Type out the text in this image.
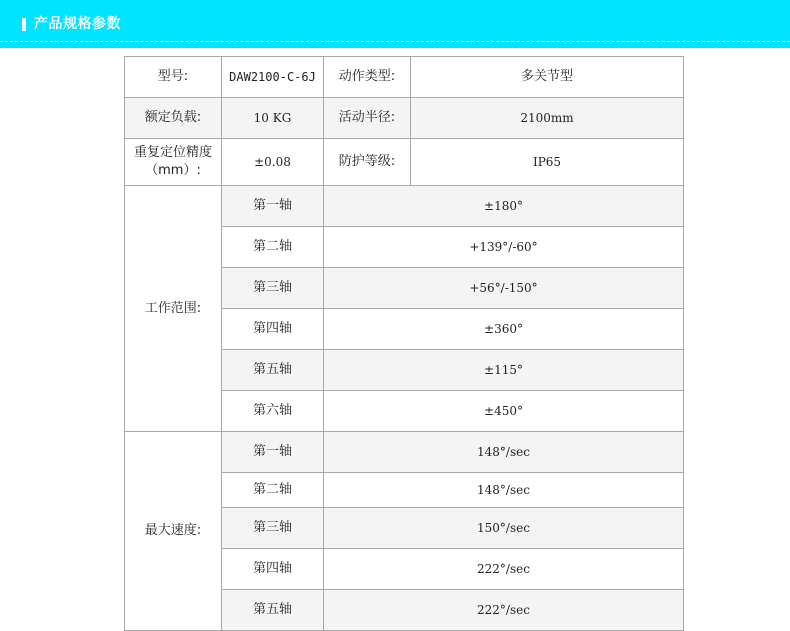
产品规格参数
型号:	DAW2100-C-6J	动作类型:	多关节型
额定负载:	10 KG	活动半径:	2100mm

重复定位精度
（mm）:	±0.08	防护等级:	IP65
工作范围:	第一轴	±180°	
	第二轴	+139°/-60°	
	第三轴	+56°/-150°	
	第四轴	±360°	
	第五轴	±115°	
	第六轴	±450°	
最大速度:	第一轴	148°/sec	
	第二轴	148°/sec	
	第三轴	150°/sec	
	第四轴	222°/sec	
	第五轴	222°/sec	
